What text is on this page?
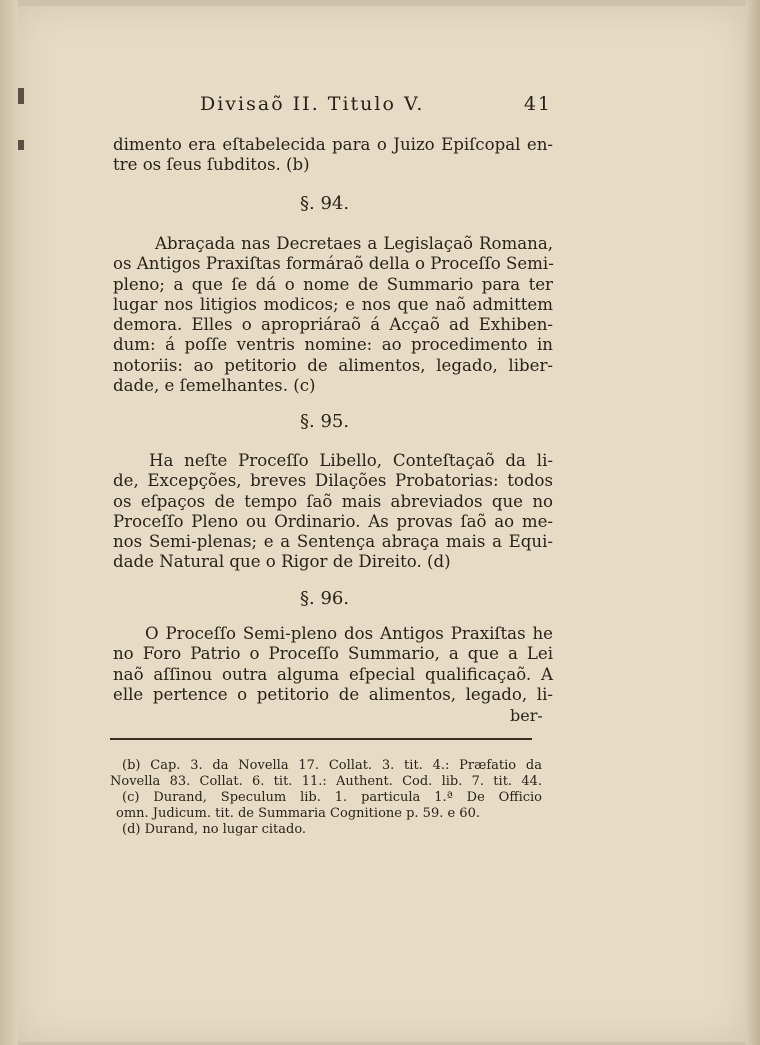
Divisaõ II. Titulo V.	41
dimento era eſtabelecida para o Juizo Epiſcopal en-
tre os ſeus ſubditos. (b)
§. 94.
Abraçada nas Decretaes a Legislaçaõ Romana,
os Antigos Praxiſtas formáraõ della o Proceſſo Semi-
pleno; a que ſe dá o nome de Summario para ter
lugar nos litigios modicos; e nos que naõ admittem
demora. Elles o apropriáraõ á Acçaõ ad Exhiben-
dum: á poſſe ventris nomine: ao procedimento in
notoriis: ao petitorio de alimentos, legado, liber-
dade, e ſemelhantes. (c)
§. 95.
Ha neſte Proceſſo Libello, Conteſtaçaõ da li-
de, Excepções, breves Dilações Probatorias: todos
os eſpaços de tempo ſaõ mais abreviados que no
Proceſſo Pleno ou Ordinario. As provas ſaõ ao me-
nos Semi-plenas; e a Sentença abraça mais a Equi-
dade Natural que o Rigor de Direito. (d)
§. 96.
O Proceſſo Semi-pleno dos Antigos Praxiſtas he
no Foro Patrio o Proceſſo Summario, a que a Lei
naõ aſſinou outra alguma eſpecial qualificaçaõ. A
elle pertence o petitorio de alimentos, legado, li-
ber-
(b) Cap. 3. da Novella 17. Collat. 3. tit. 4.: Præfatio da
Novella 83. Collat. 6. tit. 11.: Authent. Cod. lib. 7. tit. 44.
(c) Durand, Speculum lib. 1. particula 1.ª De Officio
omn. Judicum. tit. de Summaria Cognitione p. 59. e 60.
(d) Durand, no lugar citado.
